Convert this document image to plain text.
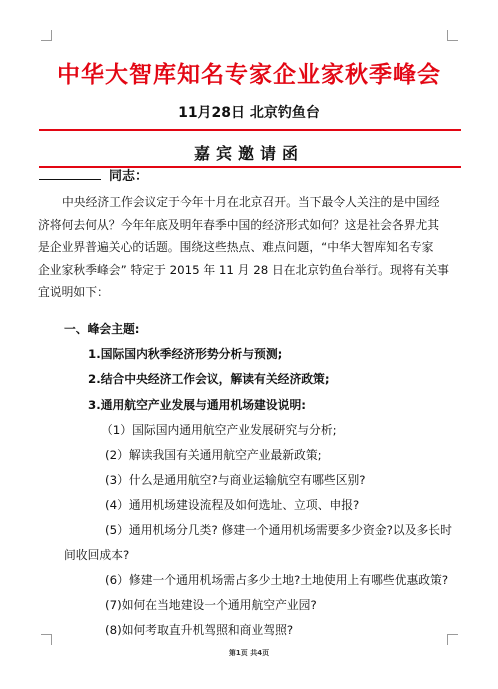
中华大智库知名专家企业家秋季峰会
11月28日 北京钓鱼台
嘉宾邀请函
同志：
中央经济工作会议定于今年十月在北京召开。当下最令人关注的是中国经
济将何去何从？今年年底及明年春季中国的经济形式如何？这是社会各界尤其
是企业界普遍关心的话题。围绕这些热点、难点问题，“中华大智库知名专家
企业家秋季峰会” 特定于 2015 年 11 月 28 日在北京钓鱼台举行。现将有关事
宜说明如下：
一、峰会主题:
1.国际国内秋季经济形势分析与预测;
2.结合中央经济工作会议，解读有关经济政策;
3.通用航空产业发展与通用机场建设说明:
（1）国际国内通用航空产业发展研究与分析;
(2）解读我国有关通用航空产业最新政策;
(3）什么是通用航空?与商业运输航空有哪些区别?
(4）通用机场建设流程及如何选址、立项、申报?
(5）通用机场分几类? 修建一个通用机场需要多少资金?以及多长时
间收回成本?
(6）修建一个通用机场需占多少土地?土地使用上有哪些优惠政策?
(7)如何在当地建设一个通用航空产业园?
(8)如何考取直升机驾照和商业驾照?
第1页 共4页
